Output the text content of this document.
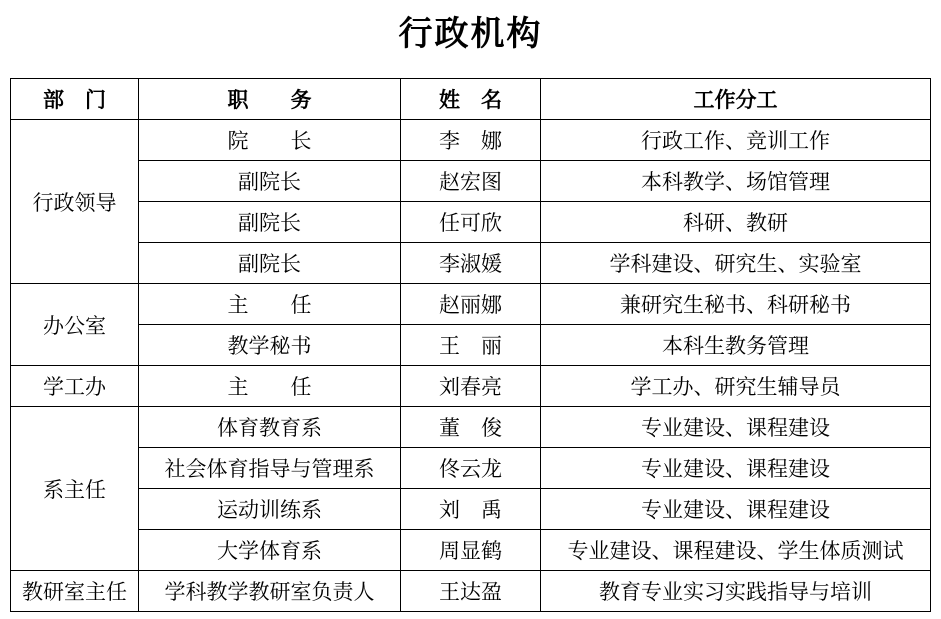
行政机构
部　门	职　　务	姓　名	工作分工
行政领导	院　　长	李　娜	行政工作、竞训工作
	副院长	赵宏图	本科教学、场馆管理
	副院长	任可欣	科研、教研
	副院长	李淑媛	学科建设、研究生、实验室
办公室	主　　任	赵丽娜	兼研究生秘书、科研秘书
	教学秘书	王　丽	本科生教务管理
学工办	主　　任	刘春亮	学工办、研究生辅导员
系主任	体育教育系	董　俊	专业建设、课程建设
	社会体育指导与管理系	佟云龙	专业建设、课程建设
	运动训练系	刘　禹	专业建设、课程建设
	大学体育系	周显鹤	专业建设、课程建设、学生体质测试
教研室主任	学科教学教研室负责人	王达盈	教育专业实习实践指导与培训
